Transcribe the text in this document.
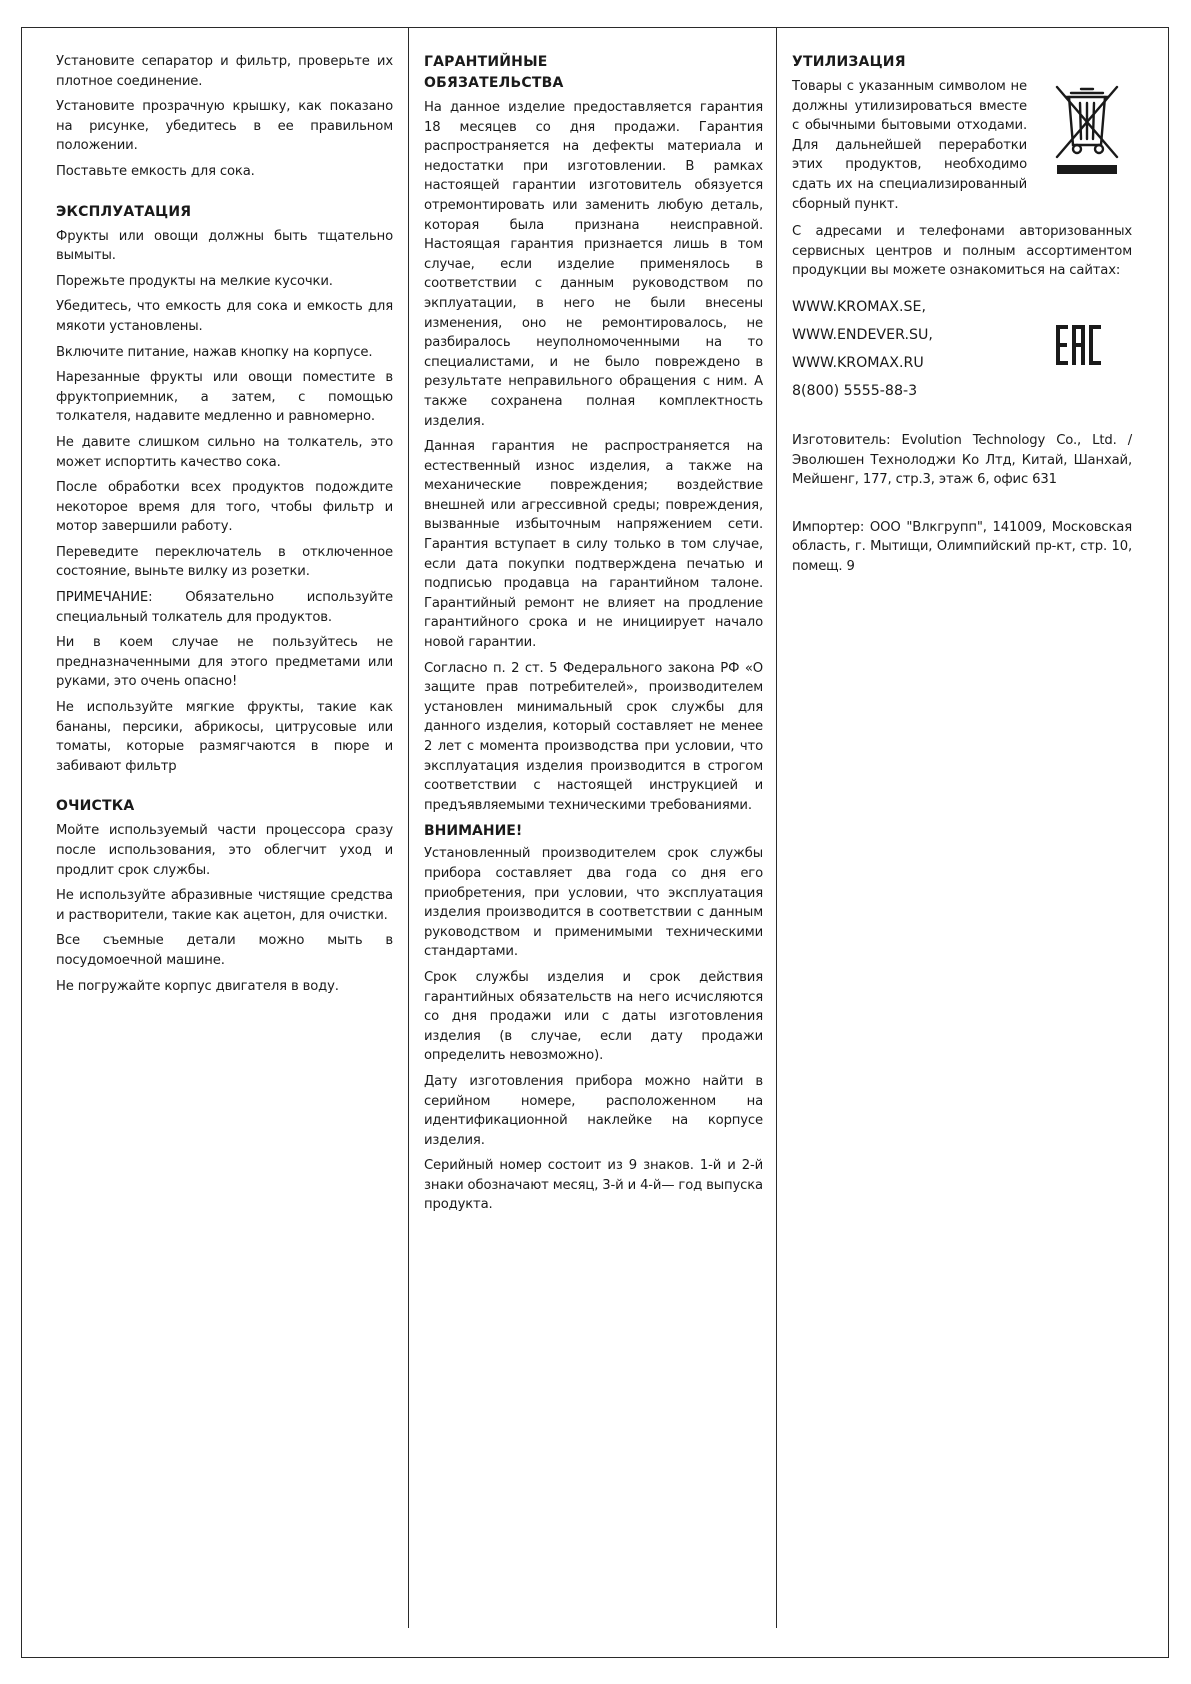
Установите сепаратор и фильтр, проверьте их плотное соединение.

Установите прозрачную крышку, как показано на рисунке, убедитесь в ее правильном положении.

Поставьте емкость для сока.

ЭКСПЛУАТАЦИЯ

Фрукты или овощи должны быть тщательно вымыты.

Порежьте продукты на мелкие кусочки.

Убедитесь, что емкость для сока и емкость для мякоти установлены.

Включите питание, нажав кнопку на корпусе.

Нарезанные фрукты или овощи поместите в фруктоприемник, а затем, с помощью толкателя, надавите медленно и равномерно.

Не давите слишком сильно на толкатель, это может испортить качество сока.

После обработки всех продуктов подождите некоторое время для того, чтобы фильтр и мотор завершили работу.

Переведите переключатель в отключенное состояние, выньте вилку из розетки.

ПРИМЕЧАНИЕ: Обязательно используйте специальный толкатель для продуктов.

Ни в коем случае не пользуйтесь не предназначенными для этого предметами или руками, это очень опасно!

Не используйте мягкие фрукты, такие как бананы, персики, абрикосы, цитрусовые или томаты, которые размягчаются в пюре и забивают фильтр

ОЧИСТКА

Мойте используемый части процессора сразу после использования, это облегчит уход и продлит срок службы.

Не используйте абразивные чистящие средства и растворители, такие как ацетон, для очистки.

Все съемные детали можно мыть в посудомоечной машине.

Не погружайте корпус двигателя в воду.

ГАРАНТИЙНЫЕ ОБЯЗАТЕЛЬСТВА

На данное изделие предоставляется гарантия 18 месяцев со дня продажи. Гарантия распространяется на дефекты материала и недостатки при изготовлении. В рамках настоящей гарантии изготовитель обязуется отремонтировать или заменить любую деталь, которая была признана неисправной. Настоящая гарантия признается лишь в том случае, если изделие применялось в соответствии с данным руководством по экплуатации, в него не были внесены изменения, оно не ремонтировалось, не разбиралось неуполномоченными на то специалистами, и не было повреждено в результате неправильного обращения с ним. А также сохранена полная комплектность изделия.

Данная гарантия не распространяется на естественный износ изделия, а также на механические повреждения; воздействие внешней или агрессивной среды; повреждения, вызванные избыточным напряжением сети. Гарантия вступает в силу только в том случае, если дата покупки подтверждена печатью и подписью продавца на гарантийном талоне. Гарантийный ремонт не влияет на продление гарантийного срока и не инициирует начало новой гарантии.

Согласно п. 2 ст. 5 Федерального закона РФ «О защите прав потребителей», производителем установлен минимальный срок службы для данного изделия, который составляет не менее 2 лет с момента производства при условии, что эксплуатация изделия производится в строгом соответствии с настоящей инструкцией и предъявляемыми техническими требованиями.

ВНИМАНИЕ!

Установленный производителем срок службы прибора составляет два года со дня его приобретения, при условии, что эксплуатация изделия производится в соответствии с данным руководством и применимыми техническими стандартами.

Срок службы изделия и срок действия гарантийных обязательств на него исчисляются со дня продажи или с даты изготовления изделия (в случае, если дату продажи определить невозможно).

Дату изготовления прибора можно найти в серийном номере, расположенном на идентификационной наклейке на корпусе изделия.

Серийный номер состоит из 9 знаков. 1-й и 2-й знаки обозначают месяц, 3-й и 4-й— год выпуска продукта.

УТИЛИЗАЦИЯ

Товары с указанным символом не должны утилизироваться вместе с обычными бытовыми отходами. Для дальнейшей переработки этих продуктов, необходимо сдать их на специализированный сборный пункт.

С адресами и телефонами авторизованных сервисных центров и полным ассортиментом продукции вы можете ознакомиться на сайтах:

WWW.KROMAX.SE,

WWW.ENDEVER.SU,

WWW.KROMAX.RU

8(800) 5555-88-3

Изготовитель: Evolution Technology Co., Ltd. / Эволюшен Технолоджи Ко Лтд, Китай, Шанхай, Мейшенг, 177, стр.3, этаж 6, офис 631

Импортер: ООО "Влкгрупп", 141009, Московская область, г. Мытищи, Олимпийский пр-кт, стр. 10, помещ. 9
